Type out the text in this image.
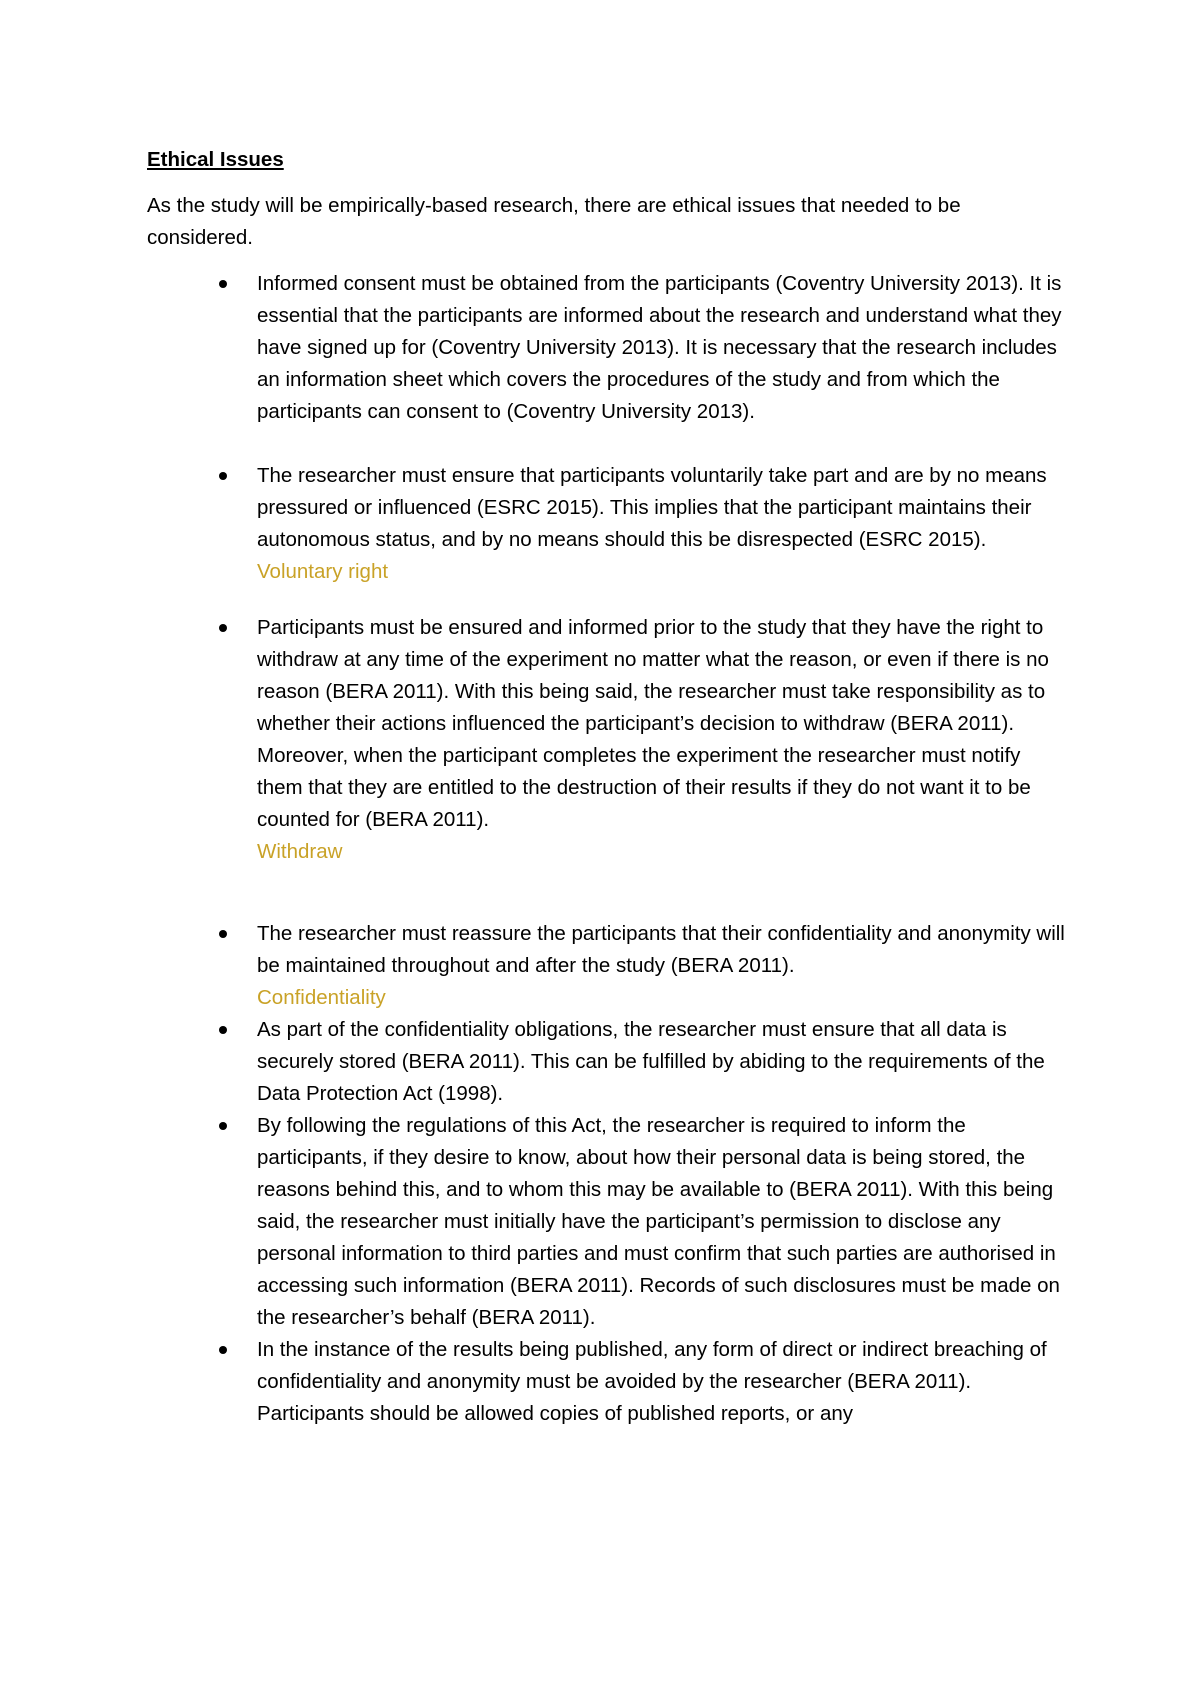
Ethical Issues
As the study will be empirically-based research, there are ethical issues that needed to be considered.
Informed consent must be obtained from the participants (Coventry University 2013). It is essential that the participants are informed about the research and understand what they have signed up for (Coventry University 2013). It is necessary that the research includes an information sheet which covers the procedures of the study and from which the participants can consent to (Coventry University 2013).
The researcher must ensure that participants voluntarily take part and are by no means pressured or influenced (ESRC 2015). This implies that the participant maintains their autonomous status, and by no means should this be disrespected (ESRC 2015). Voluntary right
Participants must be ensured and informed prior to the study that they have the right to withdraw at any time of the experiment no matter what the reason, or even if there is no reason (BERA 2011). With this being said, the researcher must take responsibility as to whether their actions influenced the participant’s decision to withdraw (BERA 2011). Moreover, when the participant completes the experiment the researcher must notify them that they are entitled to the destruction of their results if they do not want it to be counted for (BERA 2011).
Withdraw
The researcher must reassure the participants that their confidentiality and anonymity will be maintained throughout and after the study (BERA 2011).
Confidentiality
As part of the confidentiality obligations, the researcher must ensure that all data is securely stored (BERA 2011). This can be fulfilled by abiding to the requirements of the Data Protection Act (1998).
By following the regulations of this Act, the researcher is required to inform the participants, if they desire to know, about how their personal data is being stored, the reasons behind this, and to whom this may be available to (BERA 2011). With this being said, the researcher must initially have the participant’s permission to disclose any personal information to third parties and must confirm that such parties are authorised in accessing such information (BERA 2011). Records of such disclosures must be made on the researcher’s behalf (BERA 2011).
In the instance of the results being published, any form of direct or indirect breaching of confidentiality and anonymity must be avoided by the researcher (BERA 2011). Participants should be allowed copies of published reports, or any
